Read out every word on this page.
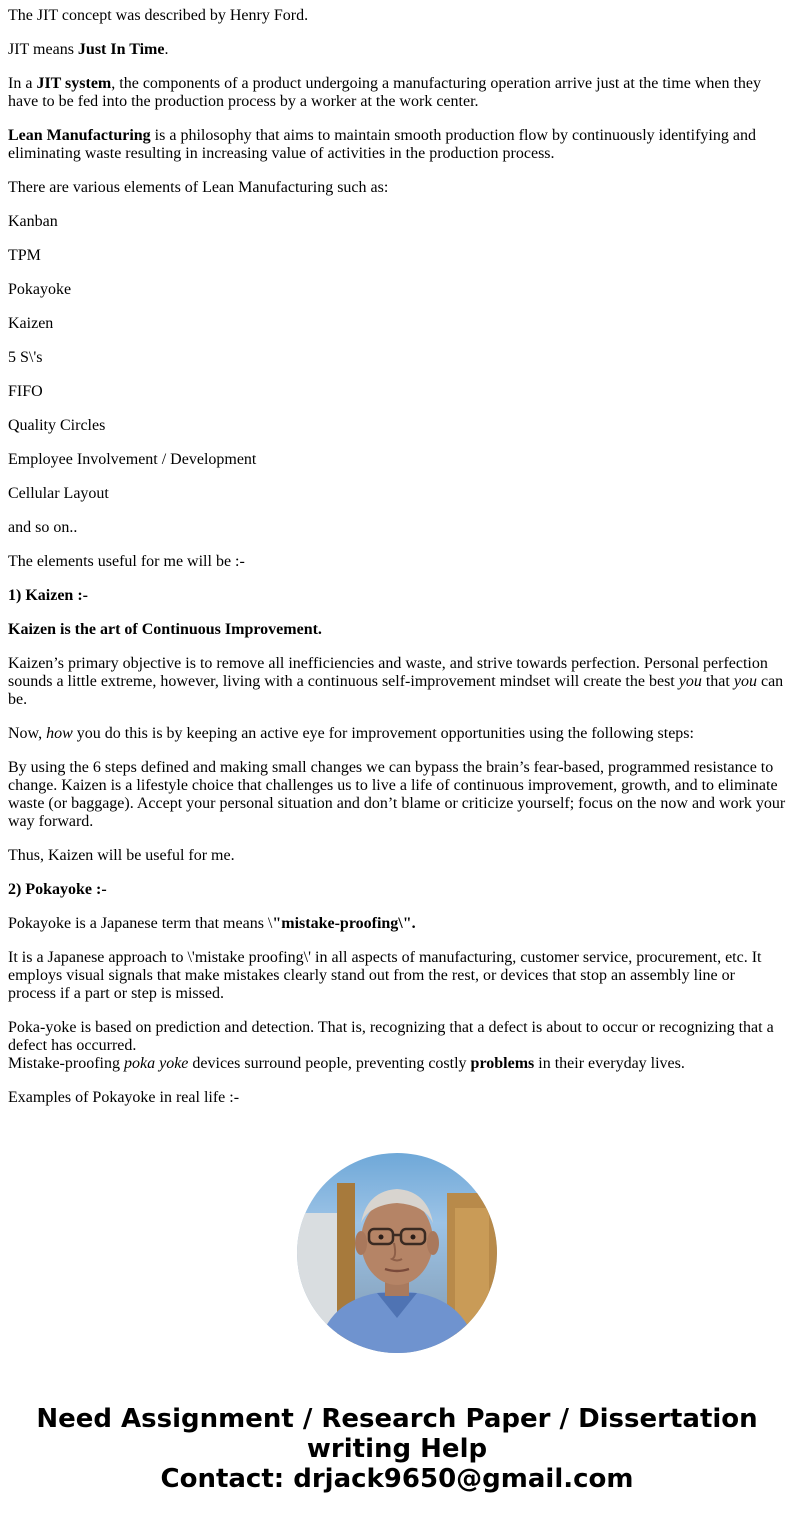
The JIT concept was described by Henry Ford.

JIT means Just In Time.

In a JIT system, the components of a product undergoing a manufacturing operation arrive just at the time when they have to be fed into the production process by a worker at the work center.

Lean Manufacturing is a philosophy that aims to maintain smooth production flow by continuously identifying and eliminating waste resulting in increasing value of activities in the production process.

There are various elements of Lean Manufacturing such as:

Kanban

TPM

Pokayoke

Kaizen

5 S\'s

FIFO

Quality Circles

Employee Involvement / Development

Cellular Layout

and so on..

The elements useful for me will be :-

1) Kaizen :-

Kaizen is the art of Continuous Improvement.

Kaizen’s primary objective is to remove all inefficiencies and waste, and strive towards perfection. Personal perfection sounds a little extreme, however, living with a continuous self-improvement mindset will create the best you that you can be.

Now, how you do this is by keeping an active eye for improvement opportunities using the following steps:

By using the 6 steps defined and making small changes we can bypass the brain’s fear-based, programmed resistance to change. Kaizen is a lifestyle choice that challenges us to live a life of continuous improvement, growth, and to eliminate waste (or baggage). Accept your personal situation and don’t blame or criticize yourself; focus on the now and work your way forward.

Thus, Kaizen will be useful for me.

2) Pokayoke :-

Pokayoke is a Japanese term that means \"mistake-proofing\".

It is a Japanese approach to \'mistake proofing\' in all aspects of manufacturing, customer service, procurement, etc. It employs visual signals that make mistakes clearly stand out from the rest, or devices that stop an assembly line or process if a part or step is missed.

Poka-yoke is based on prediction and detection. That is, recognizing that a defect is about to occur or recognizing that a defect has occurred.
Mistake-proofing poka yoke devices surround people, preventing costly problems in their everyday lives.

Examples of Pokayoke in real life :-

Need Assignment / Research Paper / Dissertation
writing Help
Contact: drjack9650@gmail.com
